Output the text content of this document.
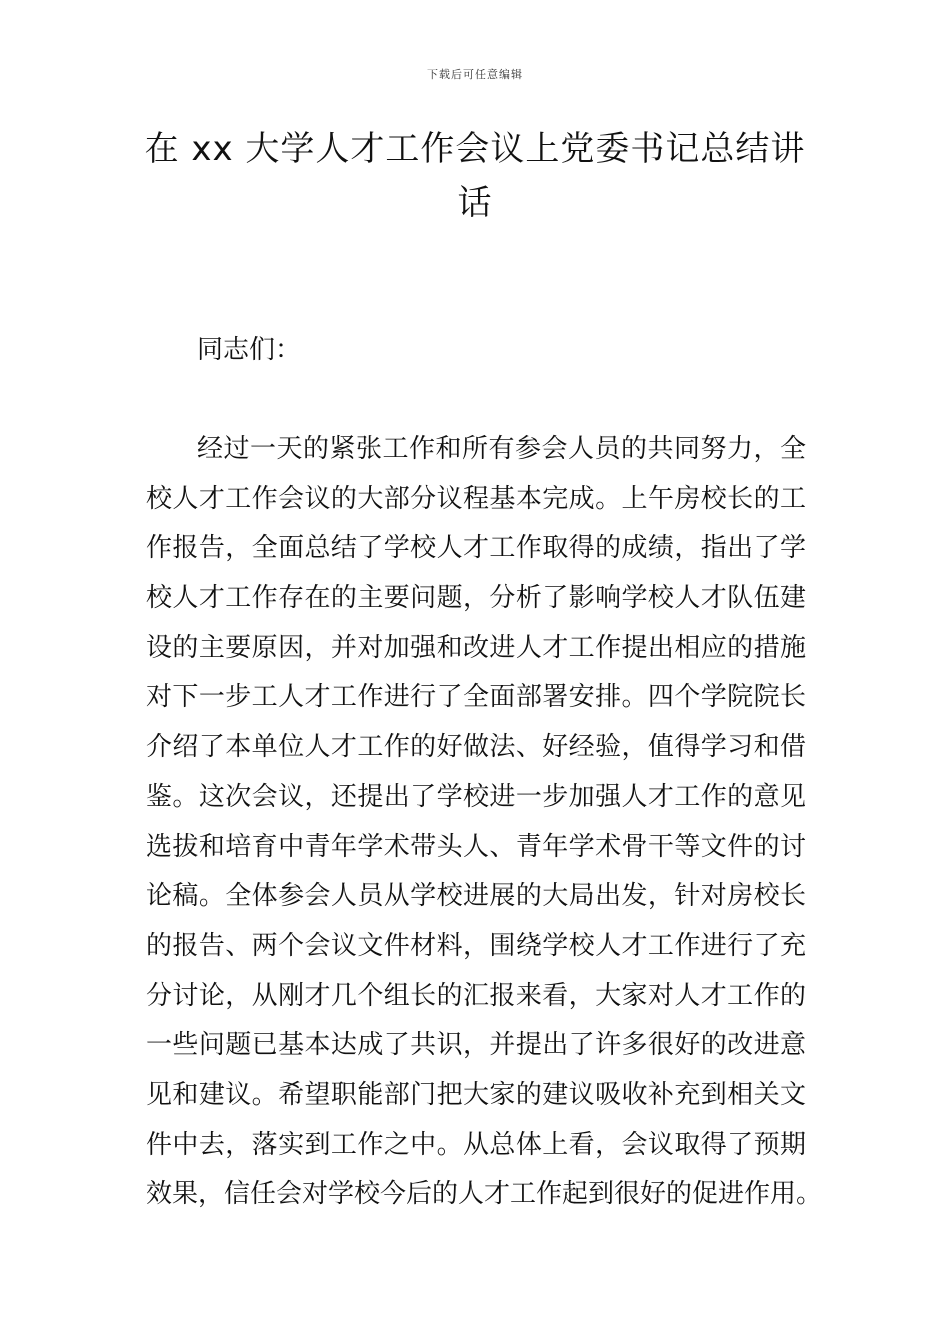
下载后可任意编辑
在 xx 大学人才工作会议上党委书记总结讲话

同志们：

经过一天的紧张工作和所有参会人员的共同努力，全
校人才工作会议的大部分议程基本完成。上午房校长的工
作报告，全面总结了学校人才工作取得的成绩，指出了学
校人才工作存在的主要问题，分析了影响学校人才队伍建
设的主要原因，并对加强和改进人才工作提出相应的措施
对下一步工人才工作进行了全面部署安排。四个学院院长
介绍了本单位人才工作的好做法、好经验，值得学习和借
鉴。这次会议，还提出了学校进一步加强人才工作的意见
选拔和培育中青年学术带头人、青年学术骨干等文件的讨
论稿。全体参会人员从学校进展的大局出发，针对房校长
的报告、两个会议文件材料，围绕学校人才工作进行了充
分讨论，从刚才几个组长的汇报来看，大家对人才工作的
一些问题已基本达成了共识，并提出了许多很好的改进意
见和建议。希望职能部门把大家的建议吸收补充到相关文
件中去，落实到工作之中。从总体上看，会议取得了预期
效果，信任会对学校今后的人才工作起到很好的促进作用。
